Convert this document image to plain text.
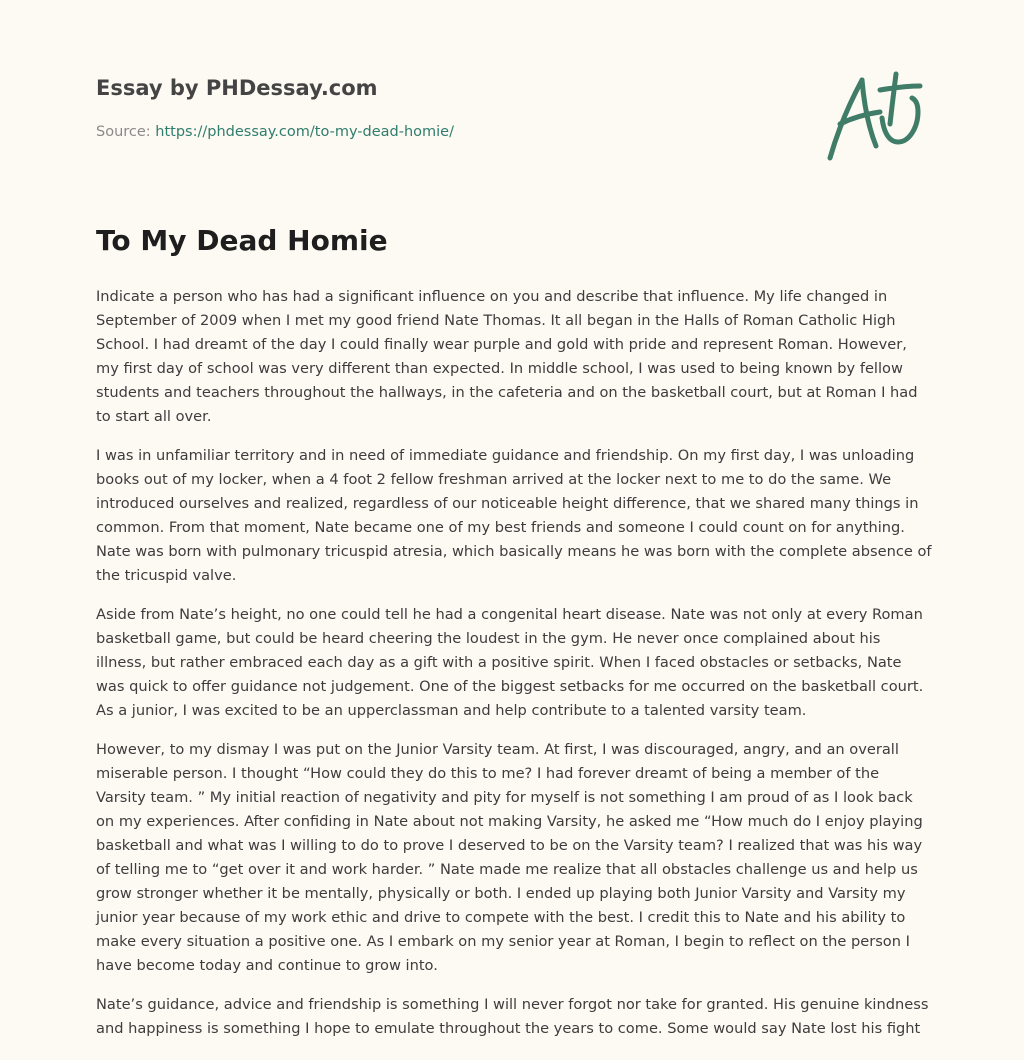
Essay by PHDessay.com
Source: https://phdessay.com/to-my-dead-homie/
To My Dead Homie

Indicate a person who has had a significant influence on you and describe that influence. My life changed in September of 2009 when I met my good friend Nate Thomas. It all began in the Halls of Roman Catholic High School. I had dreamt of the day I could finally wear purple and gold with pride and represent Roman. However, my first day of school was very different than expected. In middle school, I was used to being known by fellow students and teachers throughout the hallways, in the cafeteria and on the basketball court, but at Roman I had to start all over.

I was in unfamiliar territory and in need of immediate guidance and friendship. On my first day, I was unloading books out of my locker, when a 4 foot 2 fellow freshman arrived at the locker next to me to do the same. We introduced ourselves and realized, regardless of our noticeable height difference, that we shared many things in common. From that moment, Nate became one of my best friends and someone I could count on for anything. Nate was born with pulmonary tricuspid atresia, which basically means he was born with the complete absence of the tricuspid valve.

Aside from Nate’s height, no one could tell he had a congenital heart disease. Nate was not only at every Roman basketball game, but could be heard cheering the loudest in the gym. He never once complained about his illness, but rather embraced each day as a gift with a positive spirit. When I faced obstacles or setbacks, Nate was quick to offer guidance not judgement. One of the biggest setbacks for me occurred on the basketball court. As a junior, I was excited to be an upperclassman and help contribute to a talented varsity team.

However, to my dismay I was put on the Junior Varsity team. At first, I was discouraged, angry, and an overall miserable person. I thought “How could they do this to me? I had forever dreamt of being a member of the Varsity team. ” My initial reaction of negativity and pity for myself is not something I am proud of as I look back on my experiences. After confiding in Nate about not making Varsity, he asked me “How much do I enjoy playing basketball and what was I willing to do to prove I deserved to be on the Varsity team? I realized that was his way of telling me to “get over it and work harder. ” Nate made me realize that all obstacles challenge us and help us grow stronger whether it be mentally, physically or both. I ended up playing both Junior Varsity and Varsity my junior year because of my work ethic and drive to compete with the best. I credit this to Nate and his ability to make every situation a positive one. As I embark on my senior year at Roman, I begin to reflect on the person I have become today and continue to grow into.

Nate’s guidance, advice and friendship is something I will never forgot nor take for granted. His genuine kindness and happiness is something I hope to emulate throughout the years to come. Some would say Nate lost his fight
